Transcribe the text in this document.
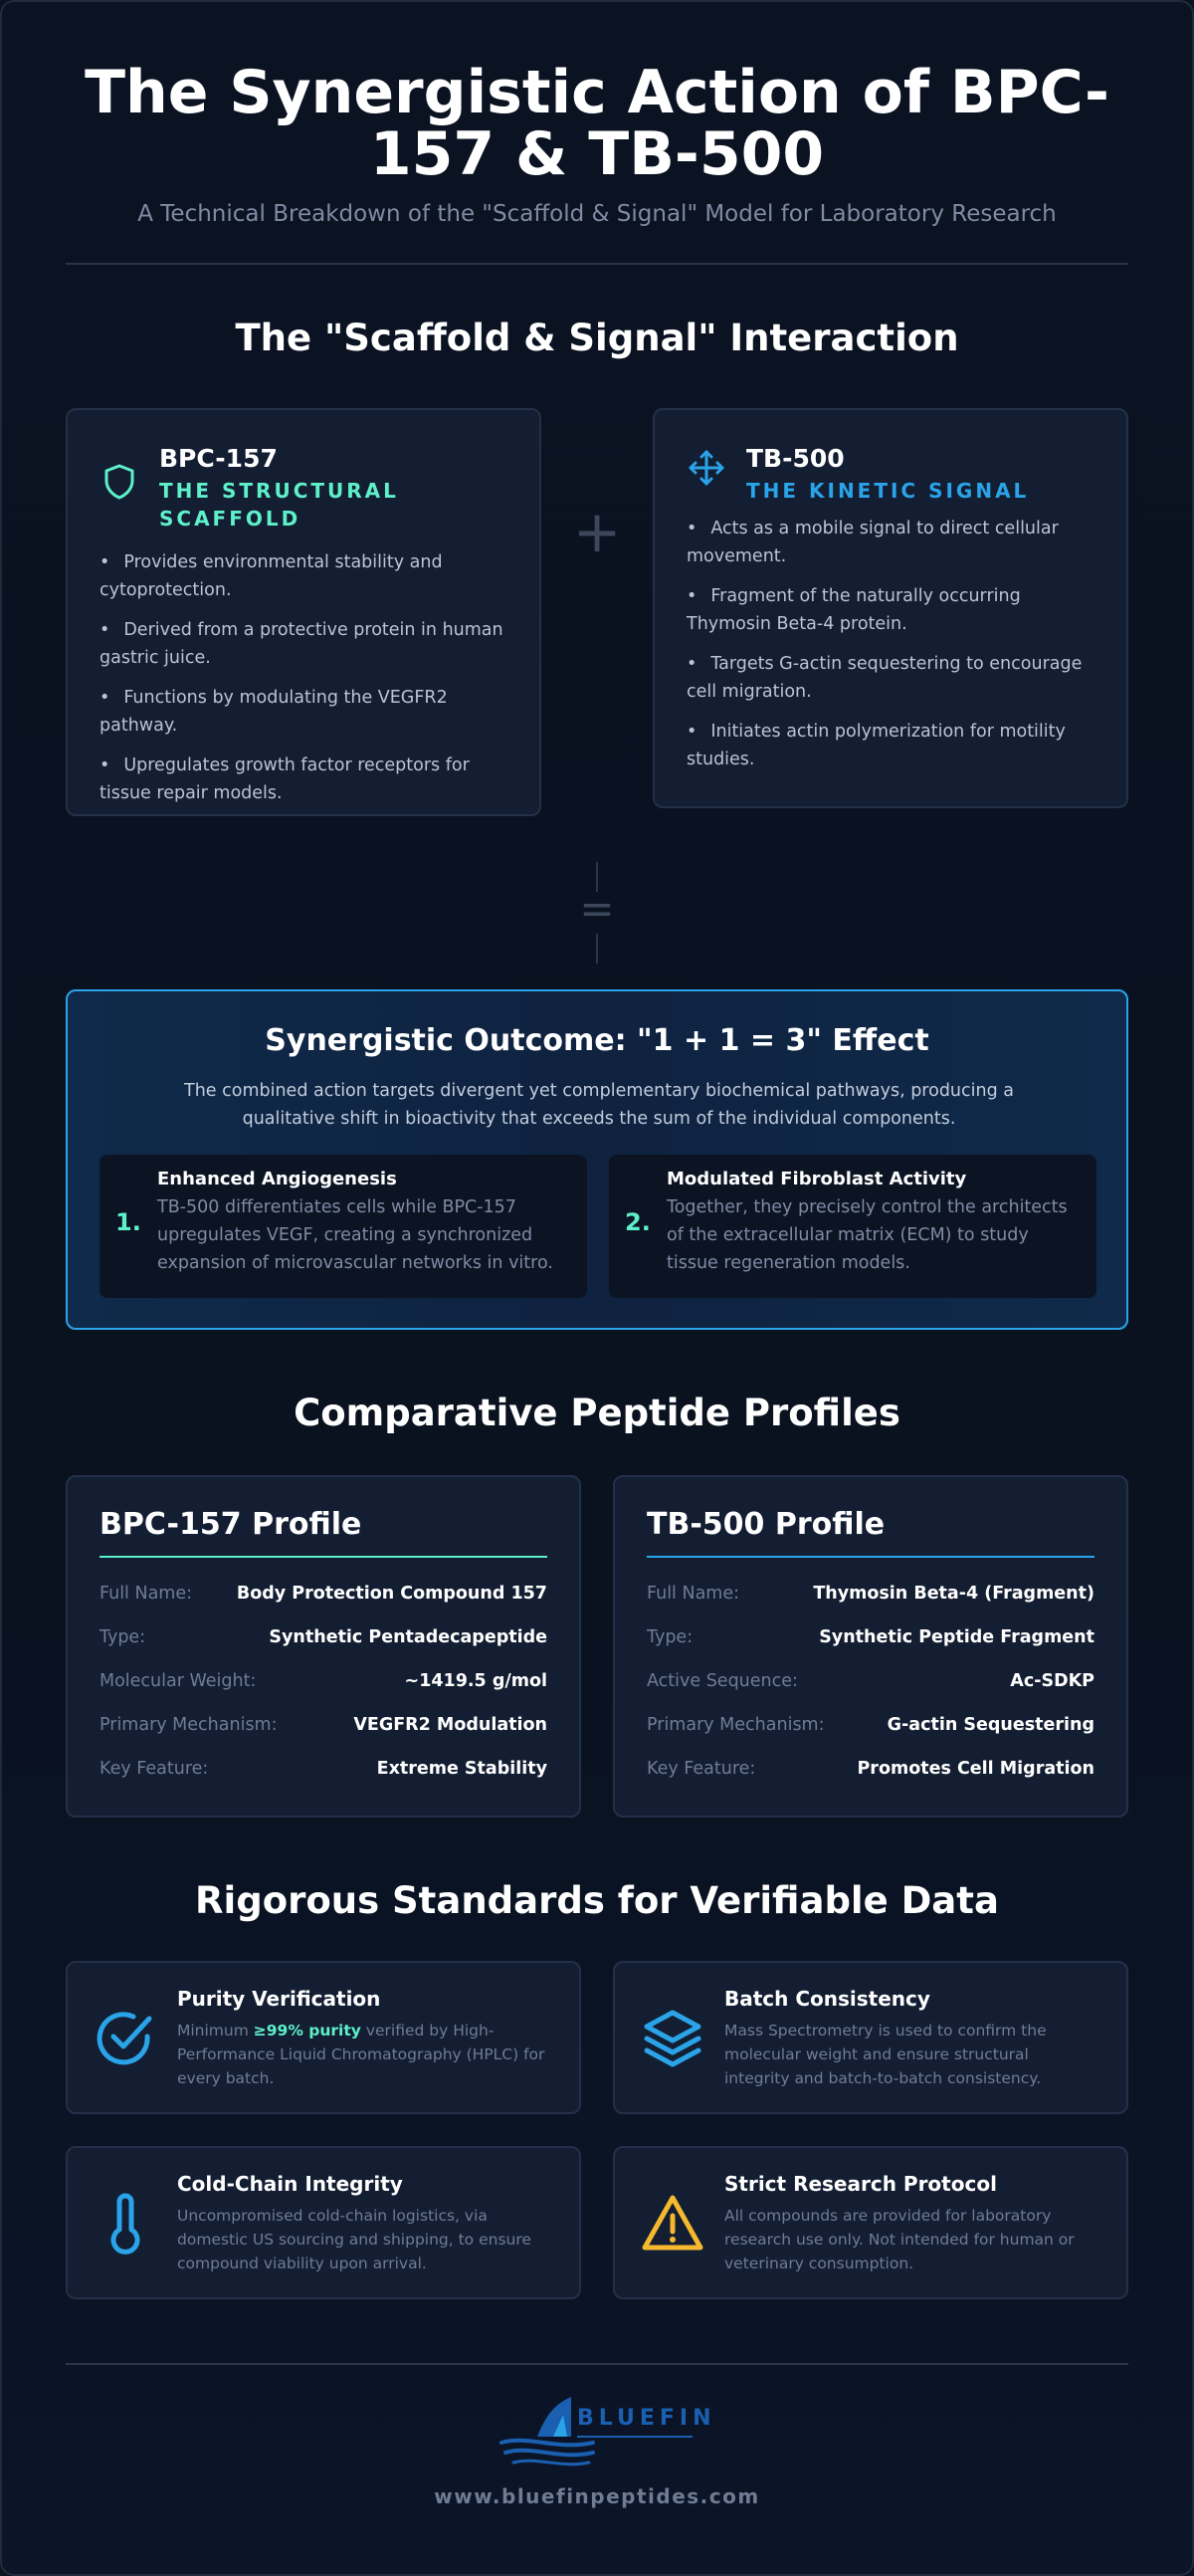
The Synergistic Action of BPC-157 & TB-500
A Technical Breakdown of the "Scaffold & Signal" Model for Laboratory Research
The "Scaffold & Signal" Interaction
BPC-157
THE STRUCTURAL SCAFFOLD
• Provides environmental stability and cytoprotection.
• Derived from a protective protein in human gastric juice.
• Functions by modulating the VEGFR2 pathway.
• Upregulates growth factor receptors for tissue repair models.
+
TB-500
THE KINETIC SIGNAL
• Acts as a mobile signal to direct cellular movement.
• Fragment of the naturally occurring Thymosin Beta-4 protein.
• Targets G-actin sequestering to encourage cell migration.
• Initiates actin polymerization for motility studies.
=
Synergistic Outcome: "1 + 1 = 3" Effect
The combined action targets divergent yet complementary biochemical pathways, producing a qualitative shift in bioactivity that exceeds the sum of the individual components.
1.
Enhanced Angiogenesis
TB-500 differentiates cells while BPC-157 upregulates VEGF, creating a synchronized expansion of microvascular networks in vitro.
2.
Modulated Fibroblast Activity
Together, they precisely control the architects of the extracellular matrix (ECM) to study tissue regeneration models.
Comparative Peptide Profiles
BPC-157 Profile
Full Name:	Body Protection Compound 157
Type:	Synthetic Pentadecapeptide
Molecular Weight:	~1419.5 g/mol
Primary Mechanism:	VEGFR2 Modulation
Key Feature:	Extreme Stability
TB-500 Profile
Full Name:	Thymosin Beta-4 (Fragment)
Type:	Synthetic Peptide Fragment
Active Sequence:	Ac-SDKP
Primary Mechanism:	G-actin Sequestering
Key Feature:	Promotes Cell Migration
Rigorous Standards for Verifiable Data
Purity Verification
Minimum ≥99% purity verified by High-Performance Liquid Chromatography (HPLC) for every batch.
Batch Consistency
Mass Spectrometry is used to confirm the molecular weight and ensure structural integrity and batch-to-batch consistency.
Cold-Chain Integrity
Uncompromised cold-chain logistics, via domestic US sourcing and shipping, to ensure compound viability upon arrival.
Strict Research Protocol
All compounds are provided for laboratory research use only. Not intended for human or veterinary consumption.
BLUEFIN
www.bluefinpeptides.com
